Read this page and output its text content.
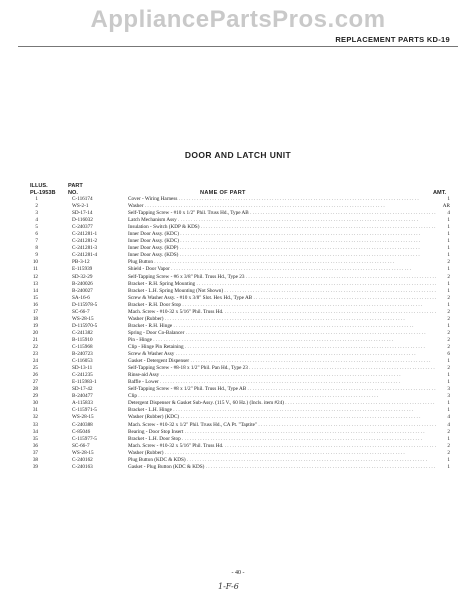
AppliancePartsPros.com
REPLACEMENT PARTS KD-19
DOOR AND LATCH UNIT
ILLUS.
PL-1953B
PART
NO.	NAME OF PART	AMT.
1	C-116174	Cover - Wiring Harness . . .	1
2	WS-2-1	Washer . . .	AR
3	SD-17-14	Self-Tapping Screw - #10 x 1/2" Phil. Truss Hd., Type AB . . .	4
4	D-116032	Latch Mechanism Assy . . .	1
5	C-240377	Insulation - Switch (KDP & KDS) . . .	1
6	C-241281-1	Inner Door Assy. (KDC) . . .	1
7	C-241281-2	Inner Door Assy. (KDC) . . .	1
8	C-241281-3	Inner Door Assy. (KDP) . . .	1
9	C-241281-4	Inner Door Assy. (KDS) . . .	1
10	PB-3-12	Plug Button . . .	2
11	E-115939	Shield - Door Vapor . . .	1
12	SD-32-29	Self-Tapping Screw - #6 x 3/8" Phil. Truss Hd., Type 23 . . .	2
13	B-240026	Bracket - R.H. Spring Mounting . . .	1
14	B-240027	Bracket - L.H. Spring Mounting (Not Shown) . . .	1
15	SA-16-6	Screw & Washer Assy. - #10 x 3/8" Slot. Hex Hd., Type AB . . .	2
16	D-115978-5	Bracket - R.H. Door Stop . . .	1
17	SC-66-7	Mach. Screw - #10-32 x 5/16" Phil. Truss Hd. . . .	2
18	WS-28-15	Washer (Rubber) . . .	2
19	D-115970-5	Bracket - R.H. Hinge . . .	1
20	C-241382	Spring - Door Co-Balancer . . .	2
21	B-115910	Pin - Hinge . . .	2
22	C-115968	Clip - Hinge Pin Retaining . . .	2
23	B-240723	Screw & Washer Assy . . .	6
24	C-116053	Gasket - Detergent Dispenser . . .	1
25	SD-13-11	Self-Tapping Screw - #8-18 x 1/2" Phil. Pan Hd., Type 23 . . .	2
26	C-241235	Rinse-aid Assy . . .	1
27	E-115983-1	Baffle - Lower . . .	1
28	SD-17-42	Self-Tapping Screw - #8 x 1/2" Phil. Truss Hd., Type AB . . .	3
29	B-240477	Clip . . .	3
30	A-115833	Detergent Dispenser & Gasket Sub-Assy. (115 V., 60 Hz.) (Incls. item #24) . . .	1
31	C-115971-5	Bracket - L.H. Hinge . . .	1
32	WS-28-15	Washer (Rubber) (KDC) . . .	4
33	C-240388	Mach. Screw - #10-32 x 1/2" Phil. Truss Hd., CA Pt. "Taptite" . . .	4
34	C-85046	Bearing - Door Stop Insert . . .	2
35	C-115977-5	Bracket - L.H. Door Stop . . .	1
36	SC-66-7	Mach. Screw - #10-32 x 5/16" Phil. Truss Hd. . . .	2
37	WS-28-15	Washer (Rubber) . . .	2
38	C-240162	Plug Button (KDC & KDS) . . .	1
39	C-240163	Gasket - Plug Button (KDC & KDS) . . .	1
- 40 -
1-F-6
